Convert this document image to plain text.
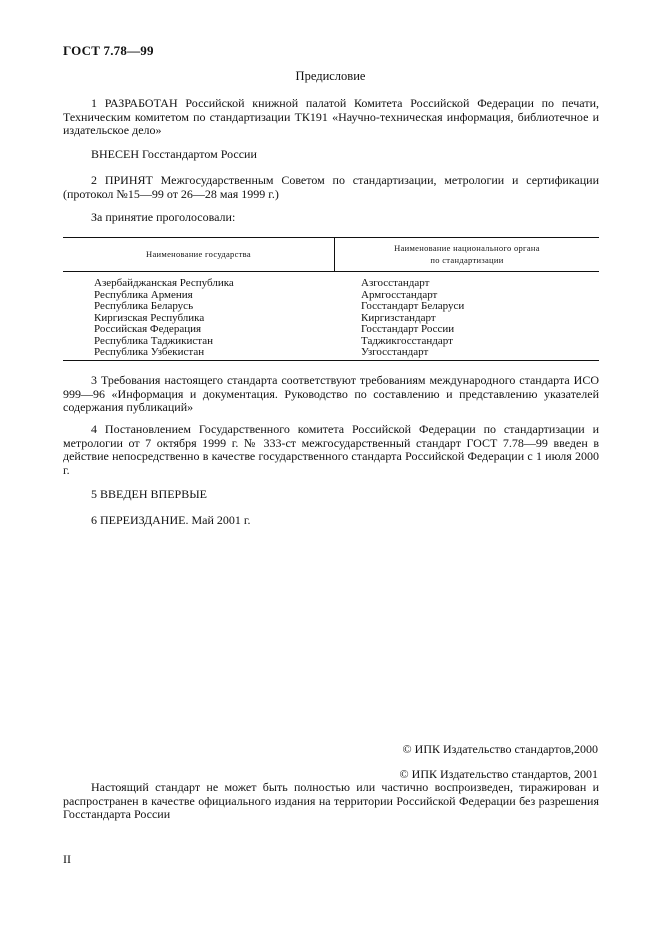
ГОСТ 7.78—99
Предисловие
1 РАЗРАБОТАН Российской книжной палатой Комитета Российской Федерации по печати, Техническим комитетом по стандартизации ТК191 «Научно-техническая информация, библиотечное и издательское дело»
ВНЕСЕН Госстандартом России
2 ПРИНЯТ Межгосударственным Советом по стандартизации, метрологии и сертификации (протокол №15—99 от 26—28 мая 1999 г.)
За принятие проголосовали:
Наименование государства
Наименование национального органа
по стандартизации
Азербайджанская Республика
Республика Армения
Республика Беларусь
Киргизская Республика
Российская Федерация
Республика Таджикистан
Республика Узбекистан
Азгосстандарт
Армгосстандарт
Госстандарт Беларуси
Киргизстандарт
Госстандарт России
Таджикгосстандарт
Узгосстандарт
3 Требования настоящего стандарта соответствуют требованиям международного стандарта ИСО 999—96 «Информация и документация. Руководство по составлению и представлению указателей содержания публикаций»
4 Постановлением Государственного комитета Российской Федерации по стандартизации и метрологии от 7 октября 1999 г. № 333-ст межгосударственный стандарт ГОСТ 7.78—99 введен в действие непосредственно в качестве государственного стандарта Российской Федерации с 1 июля 2000 г.
5 ВВЕДЕН ВПЕРВЫЕ
6 ПЕРЕИЗДАНИЕ. Май 2001 г.
© ИПК Издательство стандартов,2000
© ИПК Издательство стандартов, 2001
Настоящий стандарт не может быть полностью или частично воспроизведен, тиражирован и распространен в качестве официального издания на территории Российской Федерации без разрешения Госстандарта России
II
